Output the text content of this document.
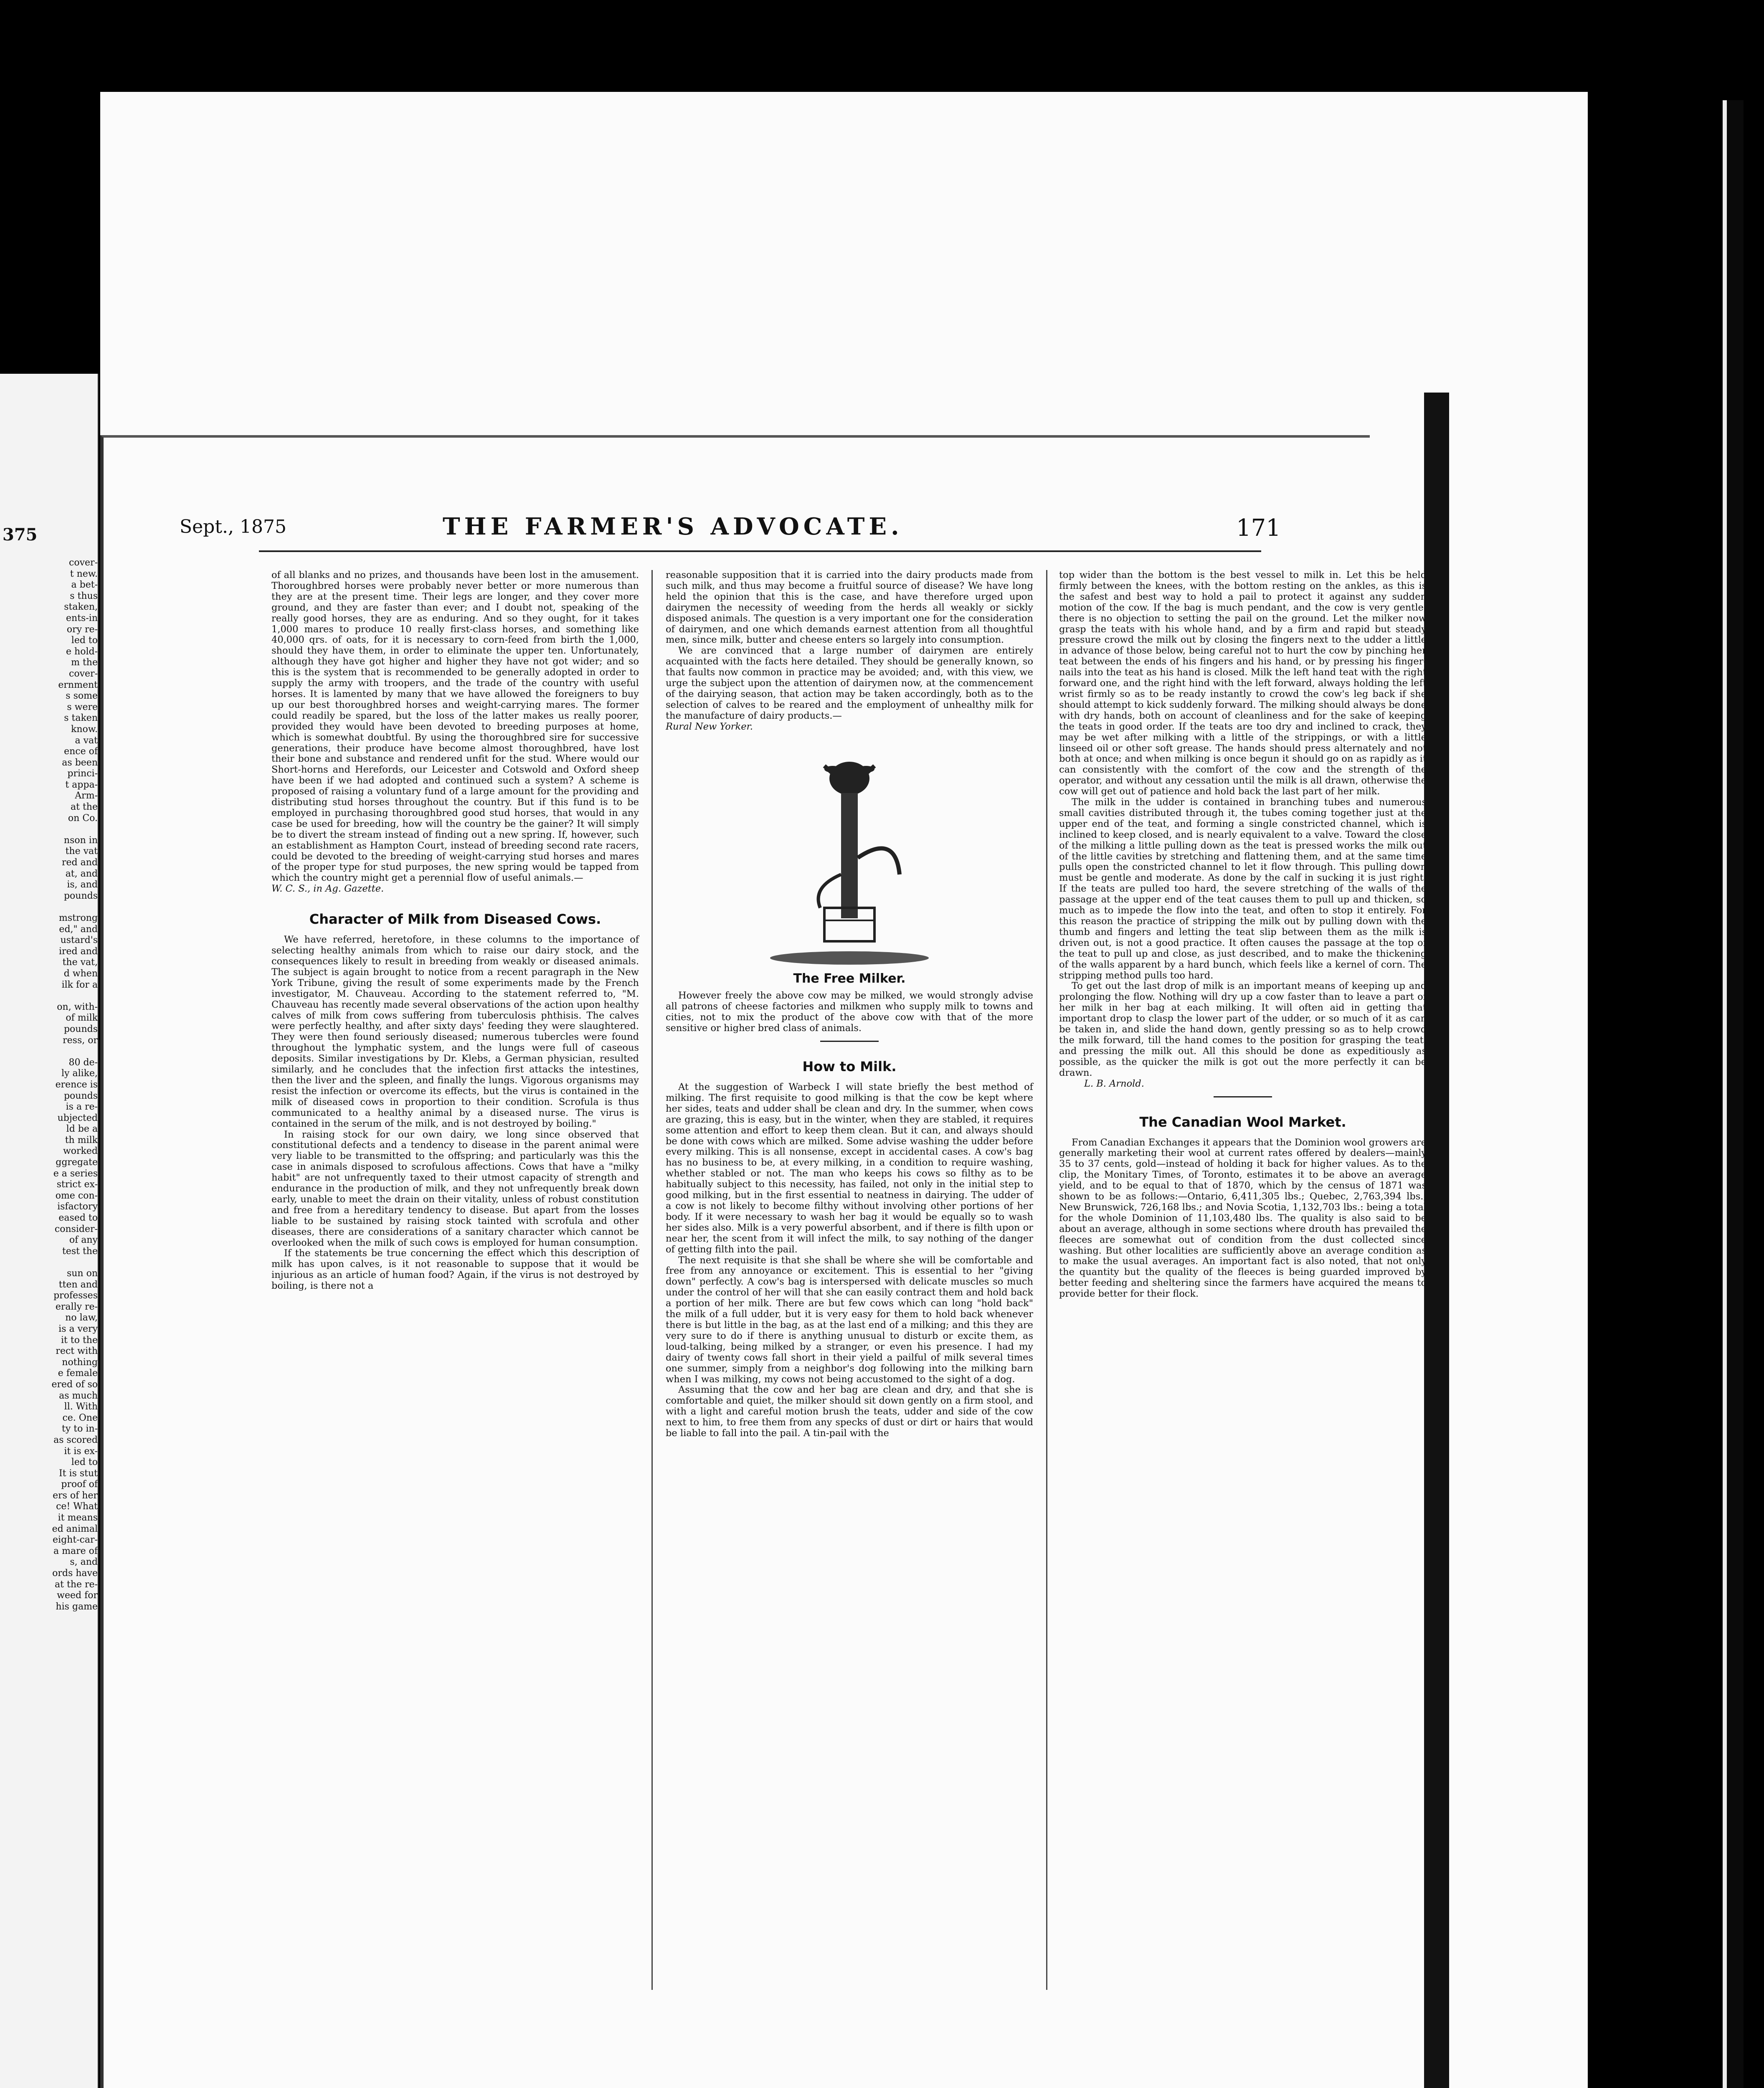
375
cover-
t new.
a bet-
s thus
staken,
ents-in
ory re-
led to
e hold-
m the
cover-
ernment
s some
s were
s taken
know.
a vat
ence of
as been
princi-
t appa-
Arm-
at the
on Co.
nson in
the vat
red and
at, and
is, and
pounds
mstrong
ed," and
ustard's
ired and
the vat,
d when
ilk for a
on, with-
of milk
pounds
ress, or
80 de-
ly alike,
erence is
pounds
is a re-
ubjected
ld be a
th milk
worked
ggregate
e a series
strict ex-
ome con-
isfactory
eased to
consider-
of any
test the
sun on
tten and
professes
erally re-
no law,
is a very
it to the
rect with
nothing
e female
ered of so
as much
ll. With
ce. One
ty to in-
as scored
it is ex-
led to
It is stut
proof of
ers of her
ce! What
it means
ed animal
eight-car-
a mare of
s, and
ords have
at the re-
weed for
his game
Sept., 1875	THE FARMER'S ADVOCATE.	171

of all blanks and no prizes, and thousands have been lost in the amusement. Thoroughbred horses were probably never better or more numerous than they are at the present time. Their legs are longer, and they cover more ground, and they are faster than ever; and I doubt not, speaking of the really good horses, they are as enduring. And so they ought, for it takes 1,000 mares to produce 10 really first-class horses, and something like 40,000 qrs. of oats, for it is necessary to corn-feed from birth the 1,000, should they have them, in order to eliminate the upper ten. Unfortunately, although they have got higher and higher they have not got wider; and so this is the system that is recommended to be generally adopted in order to supply the army with troopers, and the trade of the country with useful horses. It is lamented by many that we have allowed the foreigners to buy up our best thoroughbred horses and weight-carrying mares. The former could readily be spared, but the loss of the latter makes us really poorer, provided they would have been devoted to breeding purposes at home, which is somewhat doubtful. By using the thoroughbred sire for successive generations, their produce have become almost thoroughbred, have lost their bone and substance and rendered unfit for the stud. Where would our Short-horns and Herefords, our Leicester and Cotswold and Oxford sheep have been if we had adopted and continued such a system? A scheme is proposed of raising a voluntary fund of a large amount for the providing and distributing stud horses throughout the country. But if this fund is to be employed in purchasing thoroughbred good stud horses, that would in any case be used for breeding, how will the country be the gainer? It will simply be to divert the stream instead of finding out a new spring. If, however, such an establishment as Hampton Court, instead of breeding second rate racers, could be devoted to the breeding of weight-carrying stud horses and mares of the proper type for stud purposes, the new spring would be tapped from which the country might get a perennial flow of useful animals.—

W. C. S., in Ag. Gazette.

Character of Milk from Diseased Cows.

We have referred, heretofore, in these columns to the importance of selecting healthy animals from which to raise our dairy stock, and the consequences likely to result in breeding from weakly or diseased animals. The subject is again brought to notice from a recent paragraph in the New York Tribune, giving the result of some experiments made by the French investigator, M. Chauveau. According to the statement referred to, "M. Chauveau has recently made several observations of the action upon healthy calves of milk from cows suffering from tuberculosis phthisis. The calves were perfectly healthy, and after sixty days' feeding they were slaughtered. They were then found seriously diseased; numerous tubercles were found throughout the lymphatic system, and the lungs were full of caseous deposits. Similar investigations by Dr. Klebs, a German physician, resulted similarly, and he concludes that the infection first attacks the intestines, then the liver and the spleen, and finally the lungs. Vigorous organisms may resist the infection or overcome its effects, but the virus is contained in the milk of diseased cows in proportion to their condition. Scrofula is thus communicated to a healthy animal by a diseased nurse. The virus is contained in the serum of the milk, and is not destroyed by boiling."

In raising stock for our own dairy, we long since observed that constitutional defects and a tendency to disease in the parent animal were very liable to be transmitted to the offspring; and particularly was this the case in animals disposed to scrofulous affections. Cows that have a "milky habit" are not unfrequently taxed to their utmost capacity of strength and endurance in the production of milk, and they not unfrequently break down early, unable to meet the drain on their vitality, unless of robust constitution and free from a hereditary tendency to disease. But apart from the losses liable to be sustained by raising stock tainted with scrofula and other diseases, there are considerations of a sanitary character which cannot be overlooked when the milk of such cows is employed for human consumption.

If the statements be true concerning the effect which this description of milk has upon calves, is it not reasonable to suppose that it would be injurious as an article of human food? Again, if the virus is not destroyed by boiling, is there not a

reasonable supposition that it is carried into the dairy products made from such milk, and thus may become a fruitful source of disease? We have long held the opinion that this is the case, and have therefore urged upon dairymen the necessity of weeding from the herds all weakly or sickly disposed animals. The question is a very important one for the consideration of dairymen, and one which demands earnest attention from all thoughtful men, since milk, butter and cheese enters so largely into consumption.

We are convinced that a large number of dairymen are entirely acquainted with the facts here detailed. They should be generally known, so that faults now common in practice may be avoided; and, with this view, we urge the subject upon the attention of dairymen now, at the commencement of the dairying season, that action may be taken accordingly, both as to the selection of calves to be reared and the employment of unhealthy milk for the manufacture of dairy products.—

Rural New Yorker.

The Free Milker.

However freely the above cow may be milked, we would strongly advise all patrons of cheese factories and milkmen who supply milk to towns and cities, not to mix the product of the above cow with that of the more sensitive or higher bred class of animals.

How to Milk.

At the suggestion of Warbeck I will state briefly the best method of milking. The first requisite to good milking is that the cow be kept where her sides, teats and udder shall be clean and dry. In the summer, when cows are grazing, this is easy, but in the winter, when they are stabled, it requires some attention and effort to keep them clean. But it can, and always should be done with cows which are milked. Some advise washing the udder before every milking. This is all nonsense, except in accidental cases. A cow's bag has no business to be, at every milking, in a condition to require washing, whether stabled or not. The man who keeps his cows so filthy as to be habitually subject to this necessity, has failed, not only in the initial step to good milking, but in the first essential to neatness in dairying. The udder of a cow is not likely to become filthy without involving other portions of her body. If it were necessary to wash her bag it would be equally so to wash her sides also. Milk is a very powerful absorbent, and if there is filth upon or near her, the scent from it will infect the milk, to say nothing of the danger of getting filth into the pail.

The next requisite is that she shall be where she will be comfortable and free from any annoyance or excitement. This is essential to her "giving down" perfectly. A cow's bag is interspersed with delicate muscles so much under the control of her will that she can easily contract them and hold back a portion of her milk. There are but few cows which can long "hold back" the milk of a full udder, but it is very easy for them to hold back whenever there is but little in the bag, as at the last end of a milking; and this they are very sure to do if there is anything unusual to disturb or excite them, as loud-talking, being milked by a stranger, or even his presence. I had my dairy of twenty cows fall short in their yield a pailful of milk several times one summer, simply from a neighbor's dog following into the milking barn when I was milking, my cows not being accustomed to the sight of a dog.

Assuming that the cow and her bag are clean and dry, and that she is comfortable and quiet, the milker should sit down gently on a firm stool, and with a light and careful motion brush the teats, udder and side of the cow next to him, to free them from any specks of dust or dirt or hairs that would be liable to fall into the pail. A tin-pail with the

top wider than the bottom is the best vessel to milk in. Let this be held firmly between the knees, with the bottom resting on the ankles, as this is the safest and best way to hold a pail to protect it against any sudden motion of the cow. If the bag is much pendant, and the cow is very gentle, there is no objection to setting the pail on the ground. Let the milker now grasp the teats with his whole hand, and by a firm and rapid but steady pressure crowd the milk out by closing the fingers next to the udder a little in advance of those below, being careful not to hurt the cow by pinching her teat between the ends of his fingers and his hand, or by pressing his finger-nails into the teat as his hand is closed. Milk the left hand teat with the right forward one, and the right hind with the left forward, always holding the left wrist firmly so as to be ready instantly to crowd the cow's leg back if she should attempt to kick suddenly forward. The milking should always be done with dry hands, both on account of cleanliness and for the sake of keeping the teats in good order. If the teats are too dry and inclined to crack, they may be wet after milking with a little of the strippings, or with a little linseed oil or other soft grease. The hands should press alternately and not both at once; and when milking is once begun it should go on as rapidly as it can consistently with the comfort of the cow and the strength of the operator, and without any cessation until the milk is all drawn, otherwise the cow will get out of patience and hold back the last part of her milk.

The milk in the udder is contained in branching tubes and numerous small cavities distributed through it, the tubes coming together just at the upper end of the teat, and forming a single constricted channel, which is inclined to keep closed, and is nearly equivalent to a valve. Toward the close of the milking a little pulling down as the teat is pressed works the milk out of the little cavities by stretching and flattening them, and at the same time pulls open the constricted channel to let it flow through. This pulling down must be gentle and moderate. As done by the calf in sucking it is just right. If the teats are pulled too hard, the severe stretching of the walls of the passage at the upper end of the teat causes them to pull up and thicken, so much as to impede the flow into the teat, and often to stop it entirely. For this reason the practice of stripping the milk out by pulling down with the thumb and fingers and letting the teat slip between them as the milk is driven out, is not a good practice. It often causes the passage at the top of the teat to pull up and close, as just described, and to make the thickening of the walls apparent by a hard bunch, which feels like a kernel of corn. The stripping method pulls too hard.

To get out the last drop of milk is an important means of keeping up and prolonging the flow. Nothing will dry up a cow faster than to leave a part of her milk in her bag at each milking. It will often aid in getting that important drop to clasp the lower part of the udder, or so much of it as can be taken in, and slide the hand down, gently pressing so as to help crowd the milk forward, till the hand comes to the position for grasping the teat, and pressing the milk out. All this should be done as expeditiously as possible, as the quicker the milk is got out the more perfectly it can be drawn.

L. B. Arnold.

The Canadian Wool Market.

From Canadian Exchanges it appears that the Dominion wool growers are generally marketing their wool at current rates offered by dealers—mainly 35 to 37 cents, gold—instead of holding it back for higher values. As to the clip, the Monitary Times, of Toronto, estimates it to be above an average yield, and to be equal to that of 1870, which by the census of 1871 was shown to be as follows:—Ontario, 6,411,305 lbs.; Quebec, 2,763,394 lbs.; New Brunswick, 726,168 lbs.; and Novia Scotia, 1,132,703 lbs.: being a total for the whole Dominion of 11,103,480 lbs. The quality is also said to be about an average, although in some sections where drouth has prevailed the fleeces are somewhat out of condition from the dust collected since washing. But other localities are sufficiently above an average condition as to make the usual averages. An important fact is also noted, that not only the quantity but the quality of the fleeces is being guarded improved by better feeding and sheltering since the farmers have acquired the means to provide better for their flock.
